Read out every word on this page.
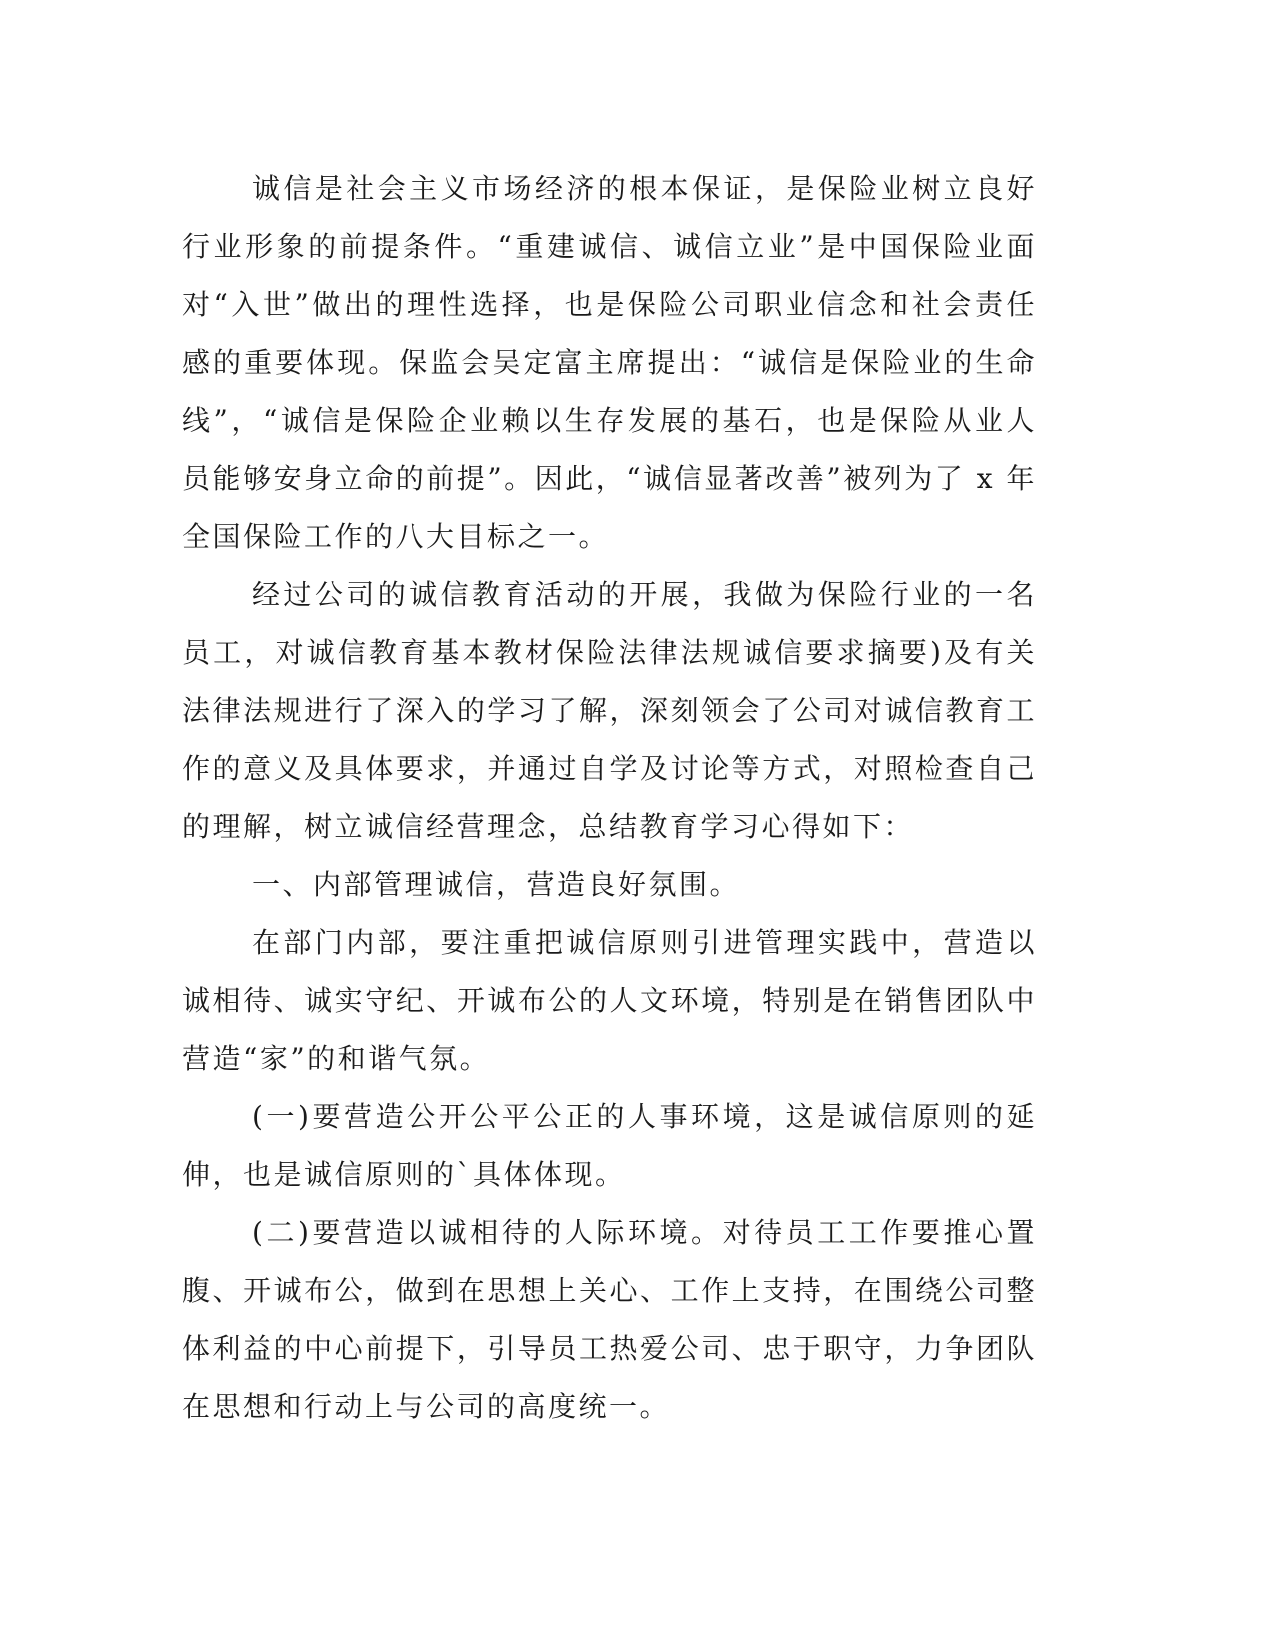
诚信是社会主义市场经济的根本保证，是保险业树立良好行业形象的前提条件。“重建诚信、诚信立业”是中国保险业面对“入世”做出的理性选择，也是保险公司职业信念和社会责任感的重要体现。保监会吴定富主席提出：“诚信是保险业的生命线”，“诚信是保险企业赖以生存发展的基石，也是保险从业人员能够安身立命的前提”。因此，“诚信显著改善”被列为了 x 年全国保险工作的八大目标之一。

经过公司的诚信教育活动的开展，我做为保险行业的一名员工，对诚信教育基本教材保险法律法规诚信要求摘要)及有关法律法规进行了深入的学习了解，深刻领会了公司对诚信教育工作的意义及具体要求，并通过自学及讨论等方式，对照检查自己的理解，树立诚信经营理念，总结教育学习心得如下：

一、内部管理诚信，营造良好氛围。

在部门内部，要注重把诚信原则引进管理实践中，营造以诚相待、诚实守纪、开诚布公的人文环境，特别是在销售团队中营造“家”的和谐气氛。

(一)要营造公开公平公正的人事环境，这是诚信原则的延伸，也是诚信原则的`具体体现。

(二)要营造以诚相待的人际环境。对待员工工作要推心置腹、开诚布公，做到在思想上关心、工作上支持，在围绕公司整体利益的中心前提下，引导员工热爱公司、忠于职守，力争团队在思想和行动上与公司的高度统一。
